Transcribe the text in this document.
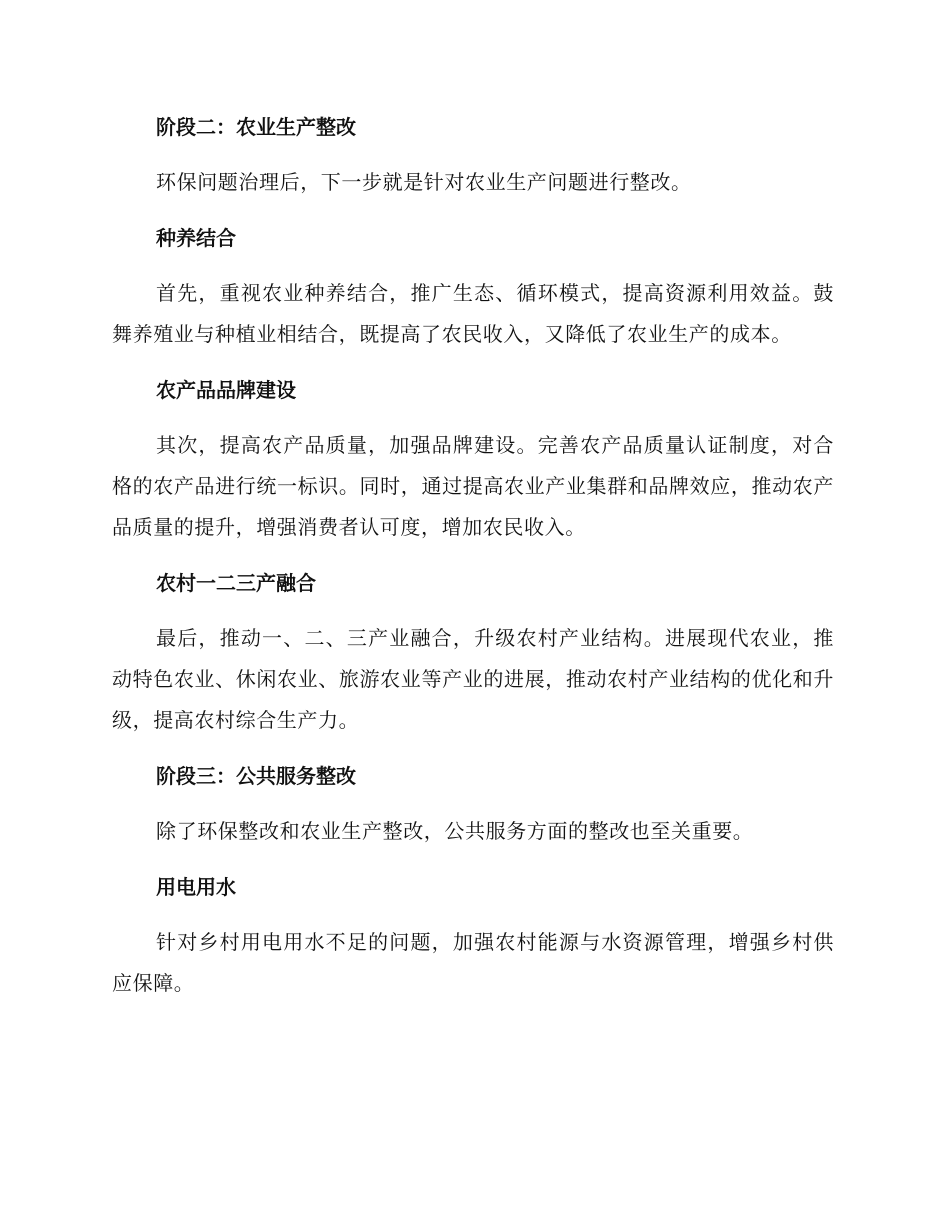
阶段二：农业生产整改

环保问题治理后，下一步就是针对农业生产问题进行整改。

种养结合

首先，重视农业种养结合，推广生态、循环模式，提高资源利用效益。鼓舞养殖业与种植业相结合，既提高了农民收入，又降低了农业生产的成本。

农产品品牌建设

其次，提高农产品质量，加强品牌建设。完善农产品质量认证制度，对合格的农产品进行统一标识。同时，通过提高农业产业集群和品牌效应，推动农产品质量的提升，增强消费者认可度，增加农民收入。

农村一二三产融合

最后，推动一、二、三产业融合，升级农村产业结构。进展现代农业，推动特色农业、休闲农业、旅游农业等产业的进展，推动农村产业结构的优化和升级，提高农村综合生产力。

阶段三：公共服务整改

除了环保整改和农业生产整改，公共服务方面的整改也至关重要。

用电用水

针对乡村用电用水不足的问题，加强农村能源与水资源管理，增强乡村供应保障。
